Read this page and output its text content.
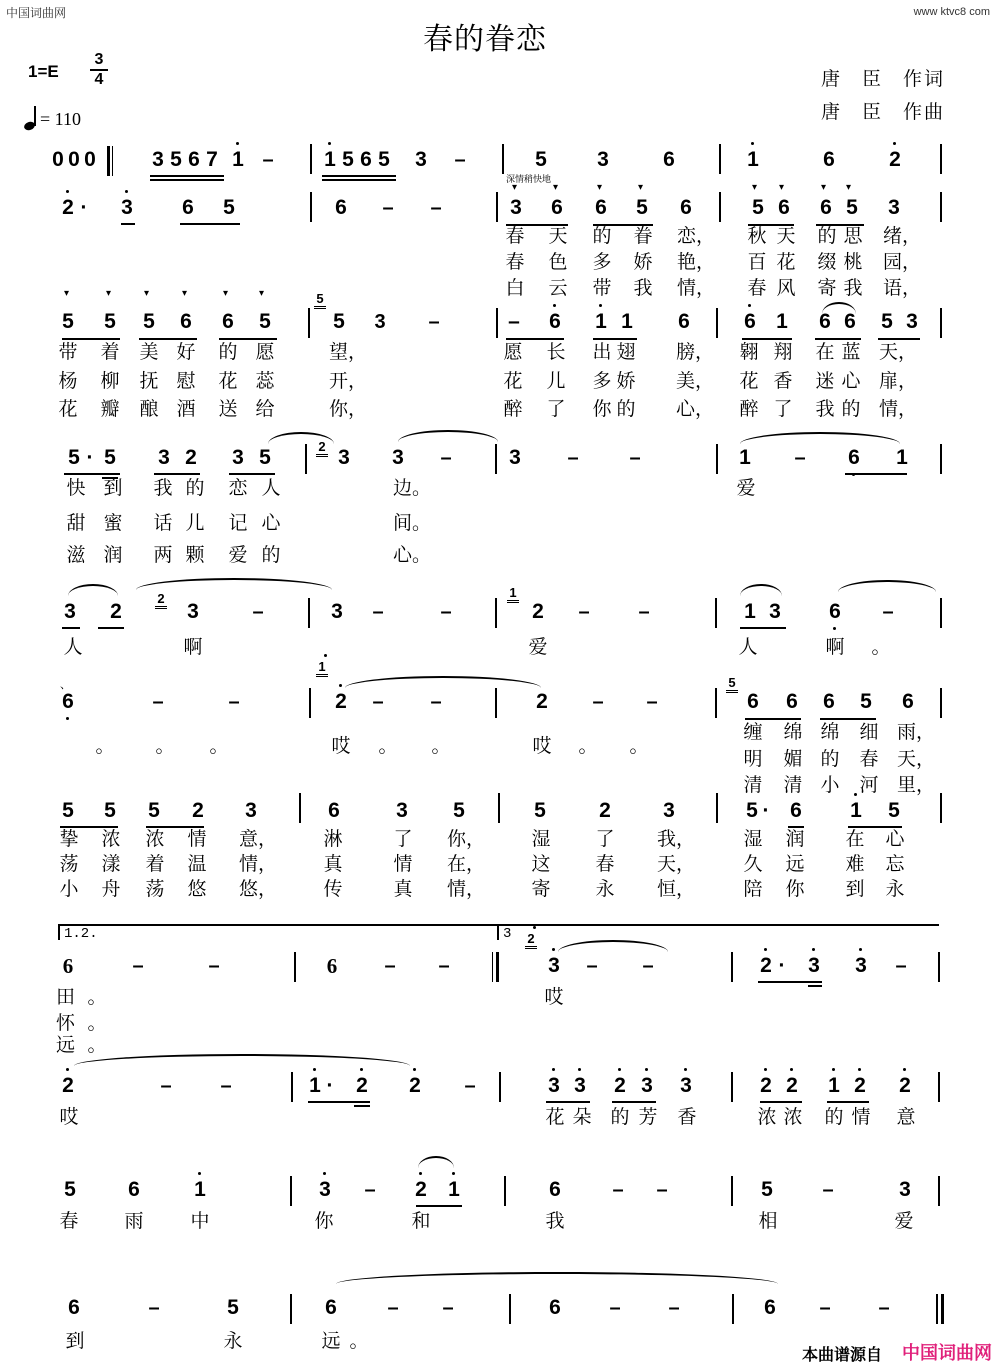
中国词曲网	www ktvc8 com
春的眷恋
1=E
3
4
= 110
唐臣作词
唐臣作曲
深情稍快地
0 0 0	3 5 6 7 1 – 1 5 6 5 3 –	5 3	6	1	6	2
2 ·	3 6 5	6 – –	3 6 6 5 6	5 6 6 5 3
▾	▾	▾	▾	▾ ▾	▾ ▾
春 天 的 眷 恋， 秋 天 的 思 绪，
春 色 多 娇 艳， 百 花 缀 桃 园，
白 云 带 我 情， 春 风 寄 我 语，
▾	▾	▾	▾	▾	▾
5 5 5 6 6 5
5
5 3 –	– 6 1 1 6	6 1 6 6 5 3
带 着 美 好 的 愿	望，	愿 长 出 翅 膀， 翱 翔 在 蓝 天，
杨 柳 抚 慰 花 蕊	开，	花 儿 多 娇 美， 花 香 迷 心 扉，
花 瓣 酿 酒 送 给	你，	醉 了 你 的 心， 醉 了 我 的 情，
5 · 5 3 2 3 5	2 3 3 –	3 –	–	1 – 6 1
快 到 我 的 恋 人	边。	爱
甜 蜜 话 儿 记 心	间。
滋 润 两 颗 爱 的	心。
3 2
2
3	–	3 –	–
1
2 – –	1 3 6 –
人	啊	爱	人	啊 。
、
6	–	–
1
2 – –	2 – –
5
6 6 6 5 6
。 。 。	哎 。 。	哎 。 。
缠 绵 绵 细 雨，
明 媚 的 春 天，
清 清 小 河 里，
5 5 5 2 3	6	3 5	5	2 3	5 · 6 1 5
挚 浓 浓 情 意， 淋	了 你， 湿 了 我，	湿 润 在 心
荡 漾 着 温 情， 真	情 在， 这 春 天，	久 远 难 忘
小 舟 荡 悠 悠， 传	真 情， 寄 永 恒，	陪 你 到 永
1.2.	3
6	–	–	6 – –
2
3 – –	2 ·	3 3 –
田 。	哎
怀 。
远 。
2	– –	1 ·	2 2 –	3 3 2 3 3	2 2 1 2 2
哎	花 朵 的 芳 香	浓 浓 的 情 意
5 6	1	3 – 2 1	6	– –	5 –	3
春 雨 中	你	和	我	相	爱
6	–	5	6	– –	6 – –	6 – –
到	永	远 。
本曲谱源自 中国词曲网
